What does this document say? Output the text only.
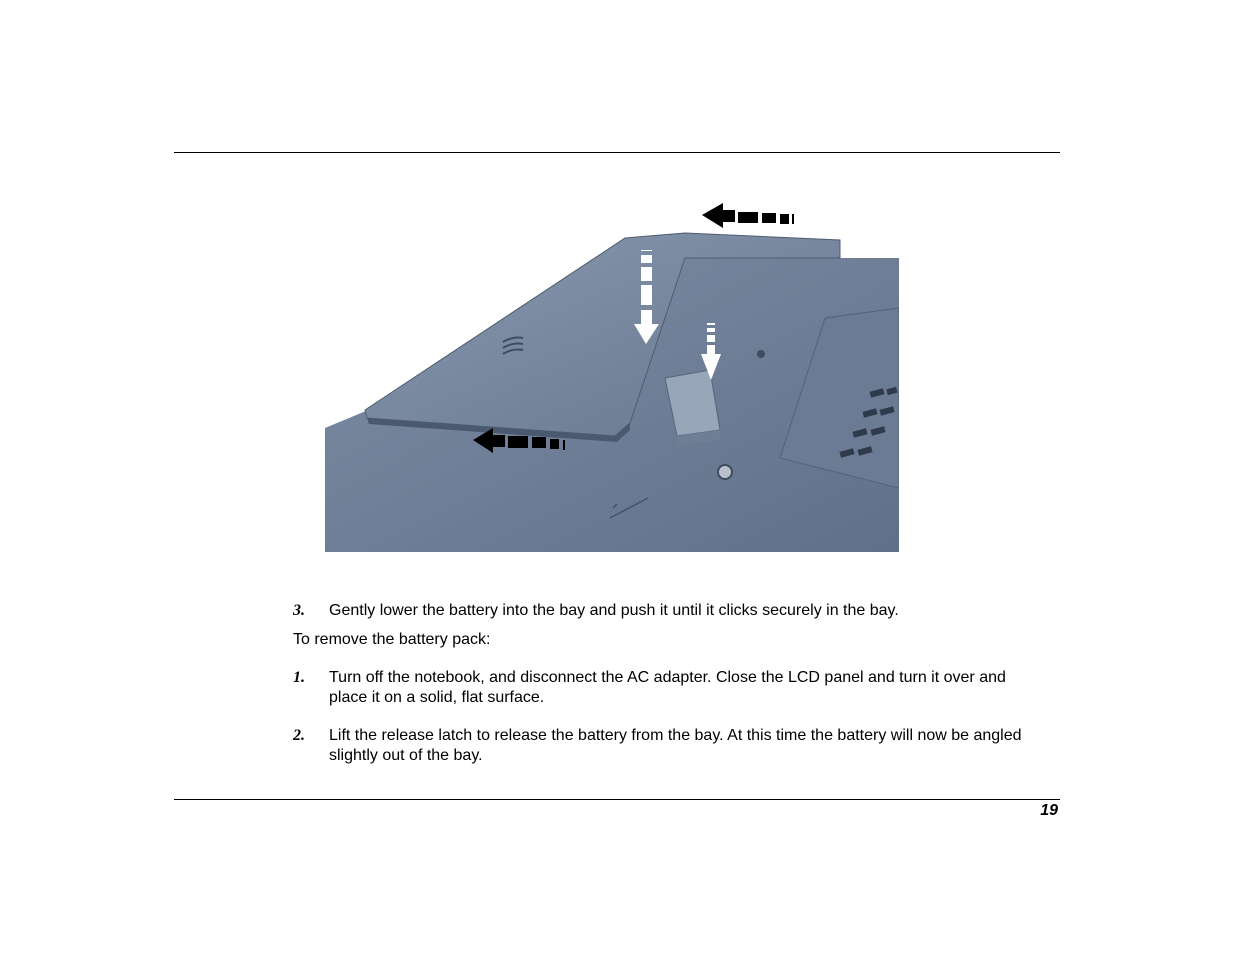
3. Gently lower the battery into the bay and push it until it clicks securely in the bay.
To remove the battery pack:
1. Turn off the notebook, and disconnect the AC adapter. Close the LCD panel and turn it over and place it on a solid, flat surface.
2. Lift the release latch to release the battery from the bay. At this time the battery will now be angled slightly out of the bay.
19
